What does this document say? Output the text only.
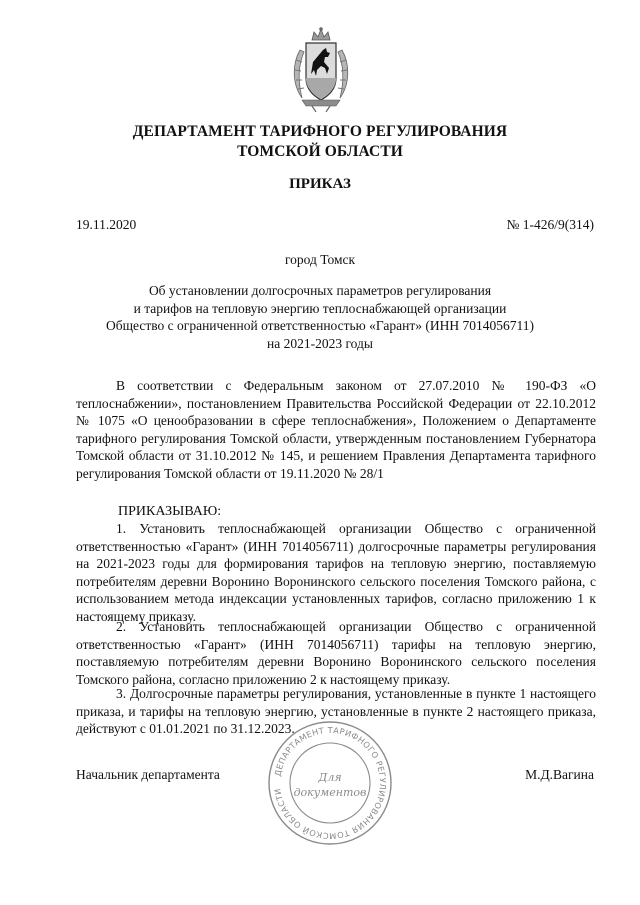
ДЕПАРТАМЕНТ ТАРИФНОГО РЕГУЛИРОВАНИЯ
ТОМСКОЙ ОБЛАСТИ
ПРИКАЗ
19.11.2020	№ 1-426/9(314)
город Томск
Об установлении долгосрочных параметров регулирования
и тарифов на тепловую энергию теплоснабжающей организации
Общество с ограниченной ответственностью «Гарант» (ИНН 7014056711)
на 2021-2023 годы

В соответствии с Федеральным законом от 27.07.2010 № 190-ФЗ «О теплоснабжении», постановлением Правительства Российской Федерации от 22.10.2012 № 1075 «О ценообразовании в сфере теплоснабжения», Положением о Департаменте тарифного регулирования Томской области, утвержденным постановлением Губернатора Томской области от 31.10.2012 № 145, и решением Правления Департамента тарифного регулирования Томской области от 19.11.2020 № 28/1

ПРИКАЗЫВАЮ:

1. Установить теплоснабжающей организации Общество с ограниченной ответственностью «Гарант» (ИНН 7014056711) долгосрочные параметры регулирования на 2021-2023 годы для формирования тарифов на тепловую энергию, поставляемую потребителям деревни Воронино Воронинского сельского поселения Томского района, с использованием метода индексации установленных тарифов, согласно приложению 1 к настоящему приказу.

2. Установить теплоснабжающей организации Общество с ограниченной ответственностью «Гарант» (ИНН 7014056711) тарифы на тепловую энергию, поставляемую потребителям деревни Воронино Воронинского сельского поселения Томского района, согласно приложению 2 к настоящему приказу.

3. Долгосрочные параметры регулирования, установленные в пункте 1 настоящего приказа, и тарифы на тепловую энергию, установленные в пункте 2 настоящего приказа, действуют с 01.01.2021 по 31.12.2023.

Начальник департамента	М.Д.Вагина
ДЕПАРТАМЕНТ ТАРИФНОГО РЕГУЛИРОВАНИЯ ТОМСКОЙ ОБЛАСТИ
Для
документов
